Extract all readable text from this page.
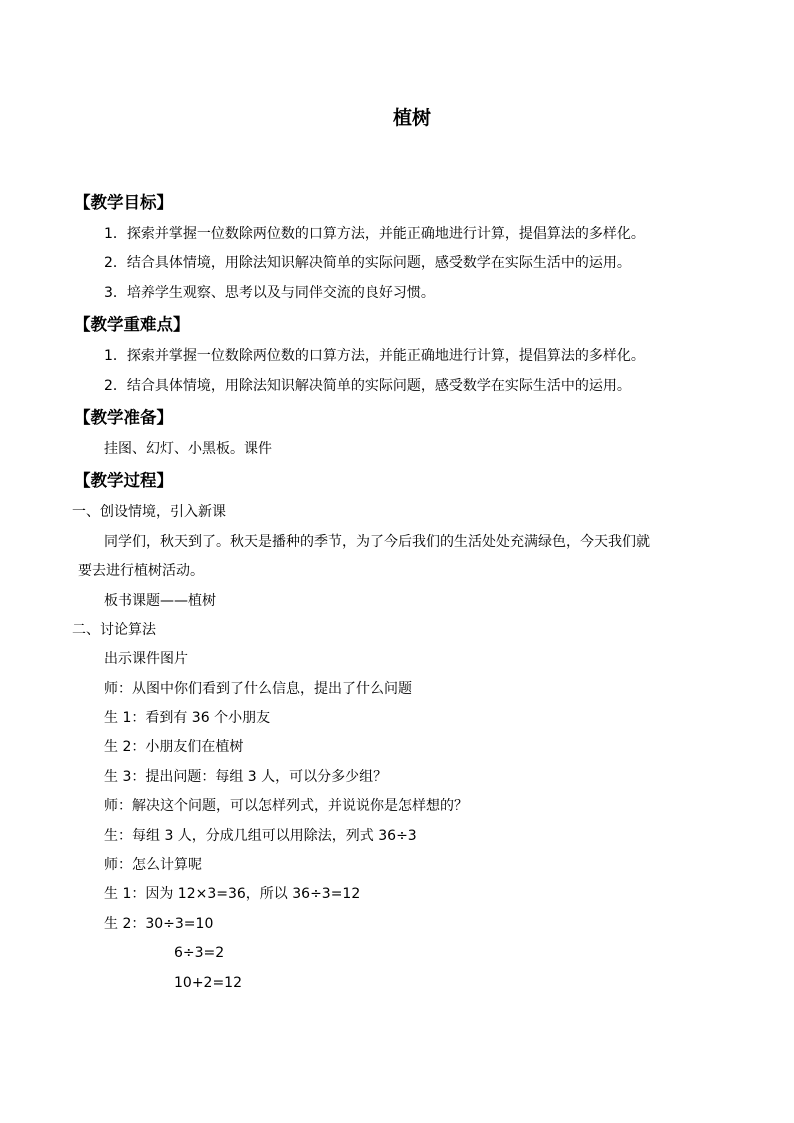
植树
【教学目标】
1．探索并掌握一位数除两位数的口算方法，并能正确地进行计算，提倡算法的多样化。
2．结合具体情境，用除法知识解决简单的实际问题，感受数学在实际生活中的运用。
3．培养学生观察、思考以及与同伴交流的良好习惯。
【教学重难点】
1．探索并掌握一位数除两位数的口算方法，并能正确地进行计算，提倡算法的多样化。
2．结合具体情境，用除法知识解决简单的实际问题，感受数学在实际生活中的运用。
【教学准备】
挂图、幻灯、小黑板。课件
【教学过程】
一、创设情境，引入新课
同学们，秋天到了。秋天是播种的季节，为了今后我们的生活处处充满绿色，今天我们就
要去进行植树活动。
板书课题——植树
二、讨论算法
出示课件图片
师：从图中你们看到了什么信息，提出了什么问题
生 1：看到有 36 个小朋友
生 2：小朋友们在植树
生 3：提出问题：每组 3 人，可以分多少组？
师：解决这个问题，可以怎样列式，并说说你是怎样想的？
生：每组 3 人，分成几组可以用除法，列式 36÷3
师：怎么计算呢
生 1：因为 12×3=36，所以 36÷3=12
生 2：30÷3=10
6÷3=2
10+2=12
